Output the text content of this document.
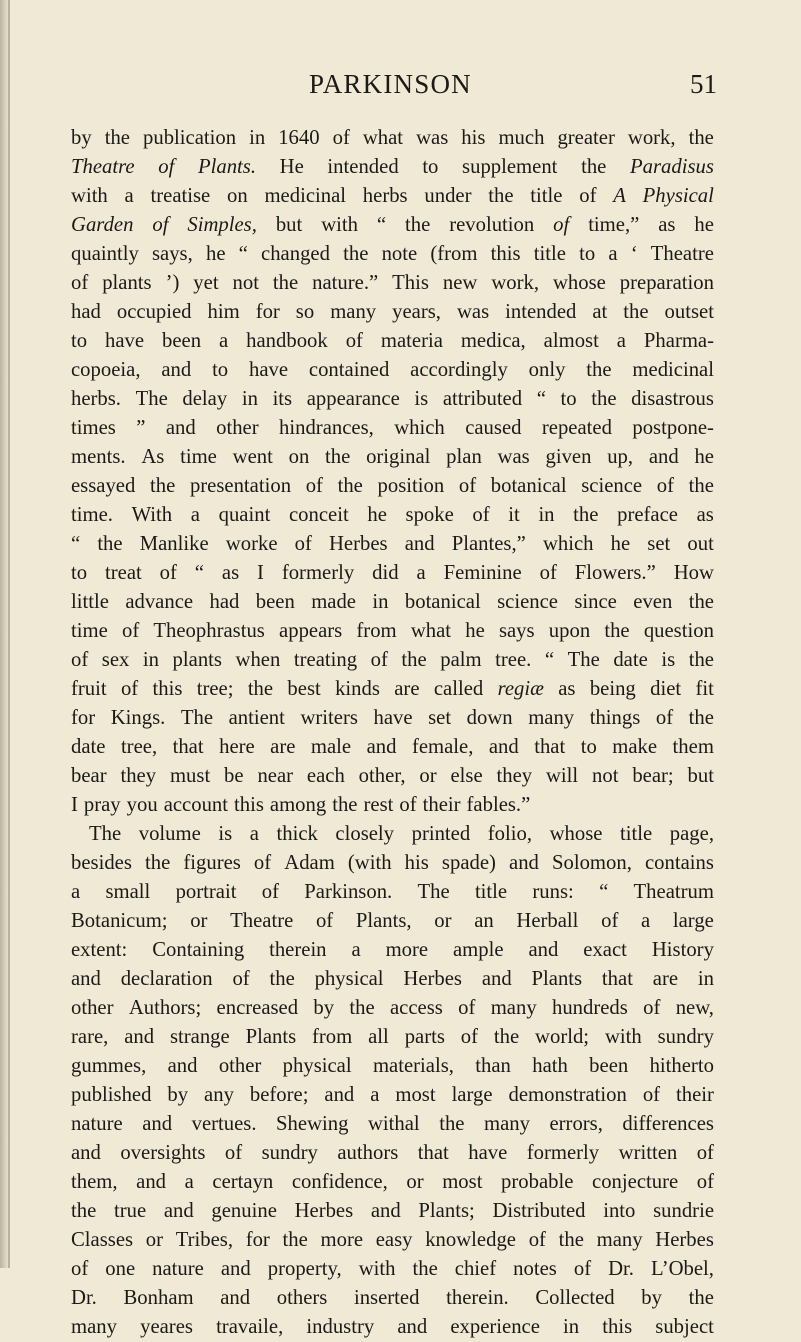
PARKINSON	51
by the publication in 1640 of what was his much greater work, the
Theatre of Plants. He intended to supplement the Paradisus
with a treatise on medicinal herbs under the title of A Physical
Garden of Simples, but with “ the revolution of time,” as he
quaintly says, he “ changed the note (from this title to a ‘ Theatre
of plants ’) yet not the nature.” This new work, whose preparation
had occupied him for so many years, was intended at the outset
to have been a handbook of materia medica, almost a Pharma-
copoeia, and to have contained accordingly only the medicinal
herbs. The delay in its appearance is attributed “ to the disastrous
times ” and other hindrances, which caused repeated postpone-
ments. As time went on the original plan was given up, and he
essayed the presentation of the position of botanical science of the
time. With a quaint conceit he spoke of it in the preface as
“ the Manlike worke of Herbes and Plantes,” which he set out
to treat of “ as I formerly did a Feminine of Flowers.” How
little advance had been made in botanical science since even the
time of Theophrastus appears from what he says upon the question
of sex in plants when treating of the palm tree. “ The date is the
fruit of this tree; the best kinds are called regiæ as being diet fit
for Kings. The antient writers have set down many things of the
date tree, that here are male and female, and that to make them
bear they must be near each other, or else they will not bear; but
I pray you account this among the rest of their fables.”
The volume is a thick closely printed folio, whose title page,
besides the figures of Adam (with his spade) and Solomon, contains
a small portrait of Parkinson. The title runs: “ Theatrum
Botanicum; or Theatre of Plants, or an Herball of a large
extent: Containing therein a more ample and exact History
and declaration of the physical Herbes and Plants that are in
other Authors; encreased by the access of many hundreds of new,
rare, and strange Plants from all parts of the world; with sundry
gummes, and other physical materials, than hath been hitherto
published by any before; and a most large demonstration of their
nature and vertues. Shewing withal the many errors, differences
and oversights of sundry authors that have formerly written of
them, and a certayn confidence, or most probable conjecture of
the true and genuine Herbes and Plants; Distributed into sundrie
Classes or Tribes, for the more easy knowledge of the many Herbes
of one nature and property, with the chief notes of Dr. L’Obel,
Dr. Bonham and others inserted therein. Collected by the
many yeares travaile, industry and experience in this subject
